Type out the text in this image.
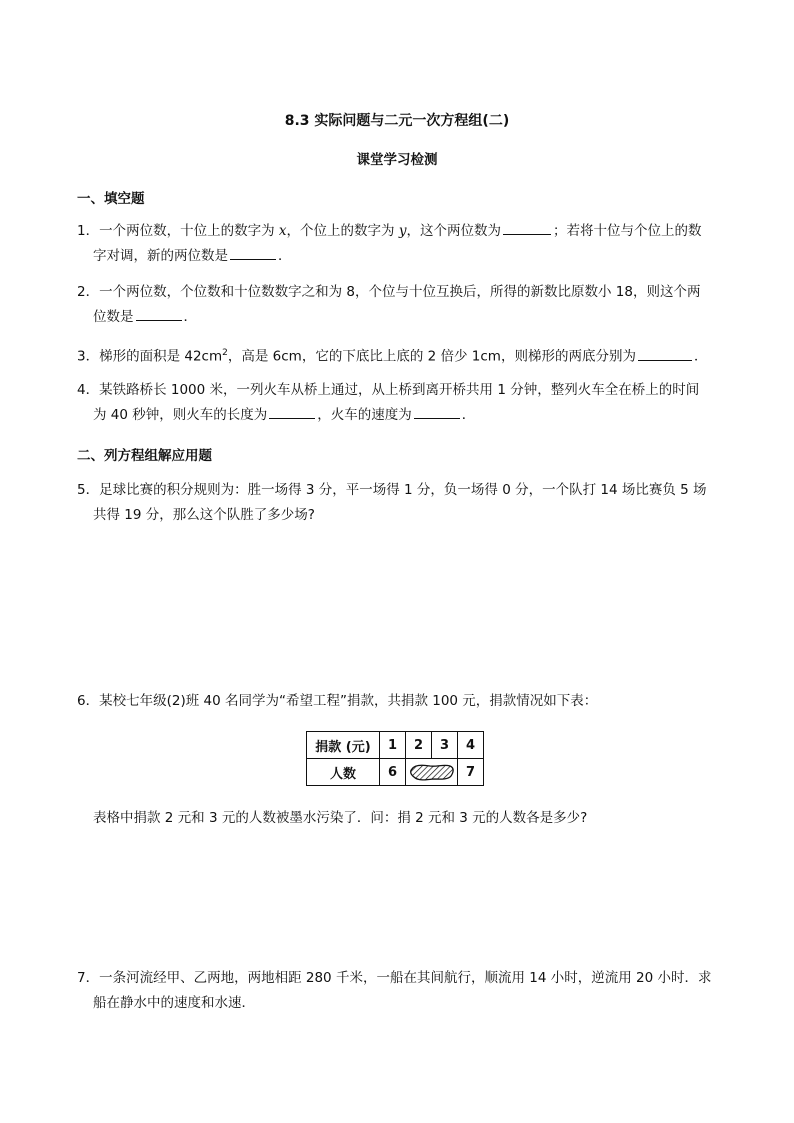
8.3 实际问题与二元一次方程组(二)
课堂学习检测
一、填空题
1．一个两位数，十位上的数字为 x，个位上的数字为 y，这个两位数为	；若将十位与个位上的数
字对调，新的两位数是	．
2．一个两位数，个位数和十位数数字之和为 8，个位与十位互换后，所得的新数比原数小 18，则这个两
位数是	．
3．梯形的面积是 $42cm^2$，高是 6cm，它的下底比上底的 2 倍少 1cm，则梯形的两底分别为	．
4．某铁路桥长 1000 米，一列火车从桥上通过，从上桥到离开桥共用 1 分钟，整列火车全在桥上的时间
为 40 秒钟，则火车的长度为	，火车的速度为	．
二、列方程组解应用题
5．足球比赛的积分规则为：胜一场得 3 分，平一场得 1 分，负一场得 0 分，一个队打 14 场比赛负 5 场
共得 19 分，那么这个队胜了多少场?
6．某校七年级(2)班 40 名同学为“希望工程”捐款，共捐款 100 元，捐款情况如下表：
捐款 (元)	1	2	3	4
人数	6			7
表格中捐款 2 元和 3 元的人数被墨水污染了．问：捐 2 元和 3 元的人数各是多少?
7．一条河流经甲、乙两地，两地相距 280 千米，一船在其间航行，顺流用 14 小时，逆流用 20 小时．求
船在静水中的速度和水速．
